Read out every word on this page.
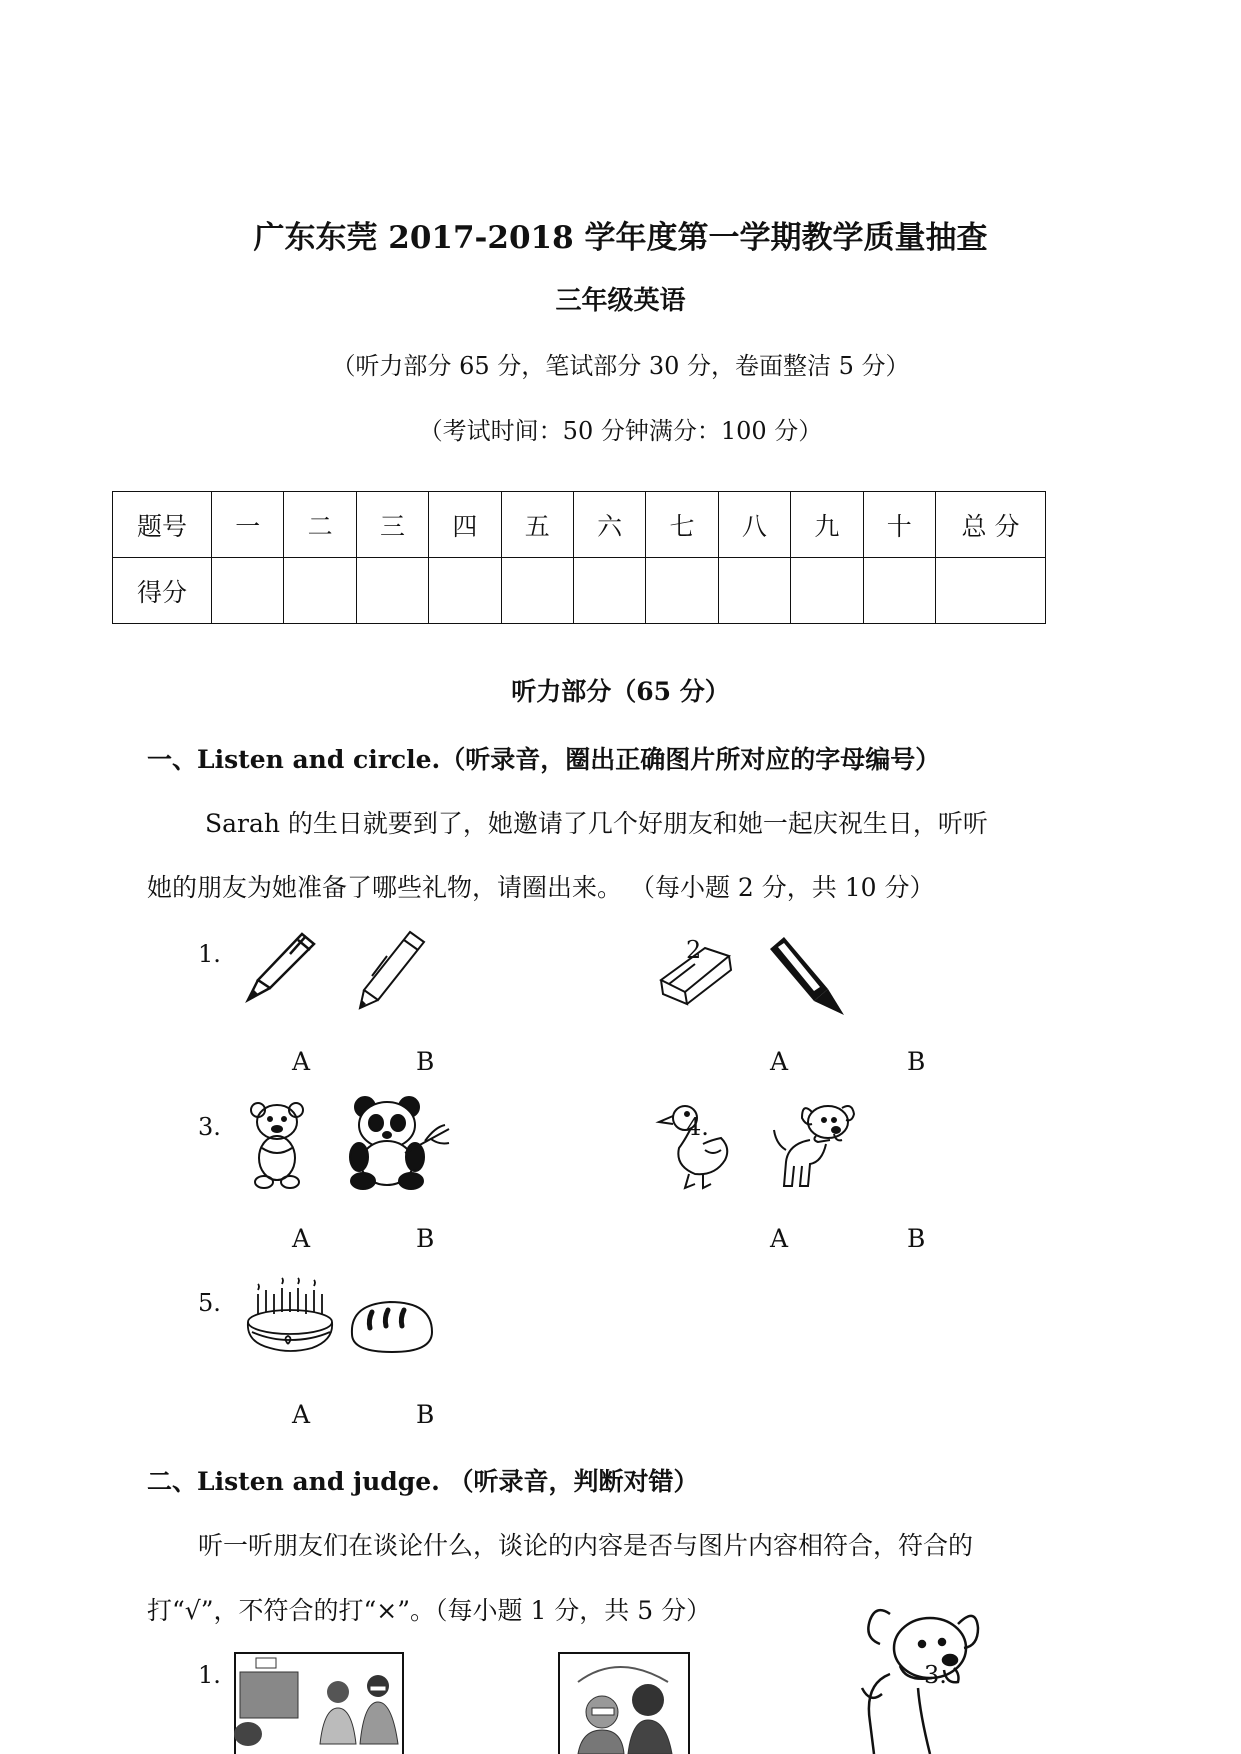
广东东莞 2017-2018 学年度第一学期教学质量抽查
三年级英语
（听力部分 65 分，笔试部分 30 分，卷面整洁 5 分）
（考试时间：50 分钟满分：100 分）
题号	一	二	三	四	五	六	七	八	九	十	总 分
得分											
听力部分（65 分）
一、Listen and circle.（听录音，圈出正确图片所对应的字母编号）
Sarah 的生日就要到了，她邀请了几个好朋友和她一起庆祝生日，听听
她的朋友为她准备了哪些礼物，请圈出来。 （每小题 2 分，共 10 分）
1.
A	B
2
A	B
3.
A	B
4.
A	B
5.
A	B
二、Listen and judge. （听录音，判断对错）
听一听朋友们在谈论什么，谈论的内容是否与图片内容相符合，符合的
打“√”，不符合的打“×”。（每小题 1 分，共 5 分）
1.	3.
